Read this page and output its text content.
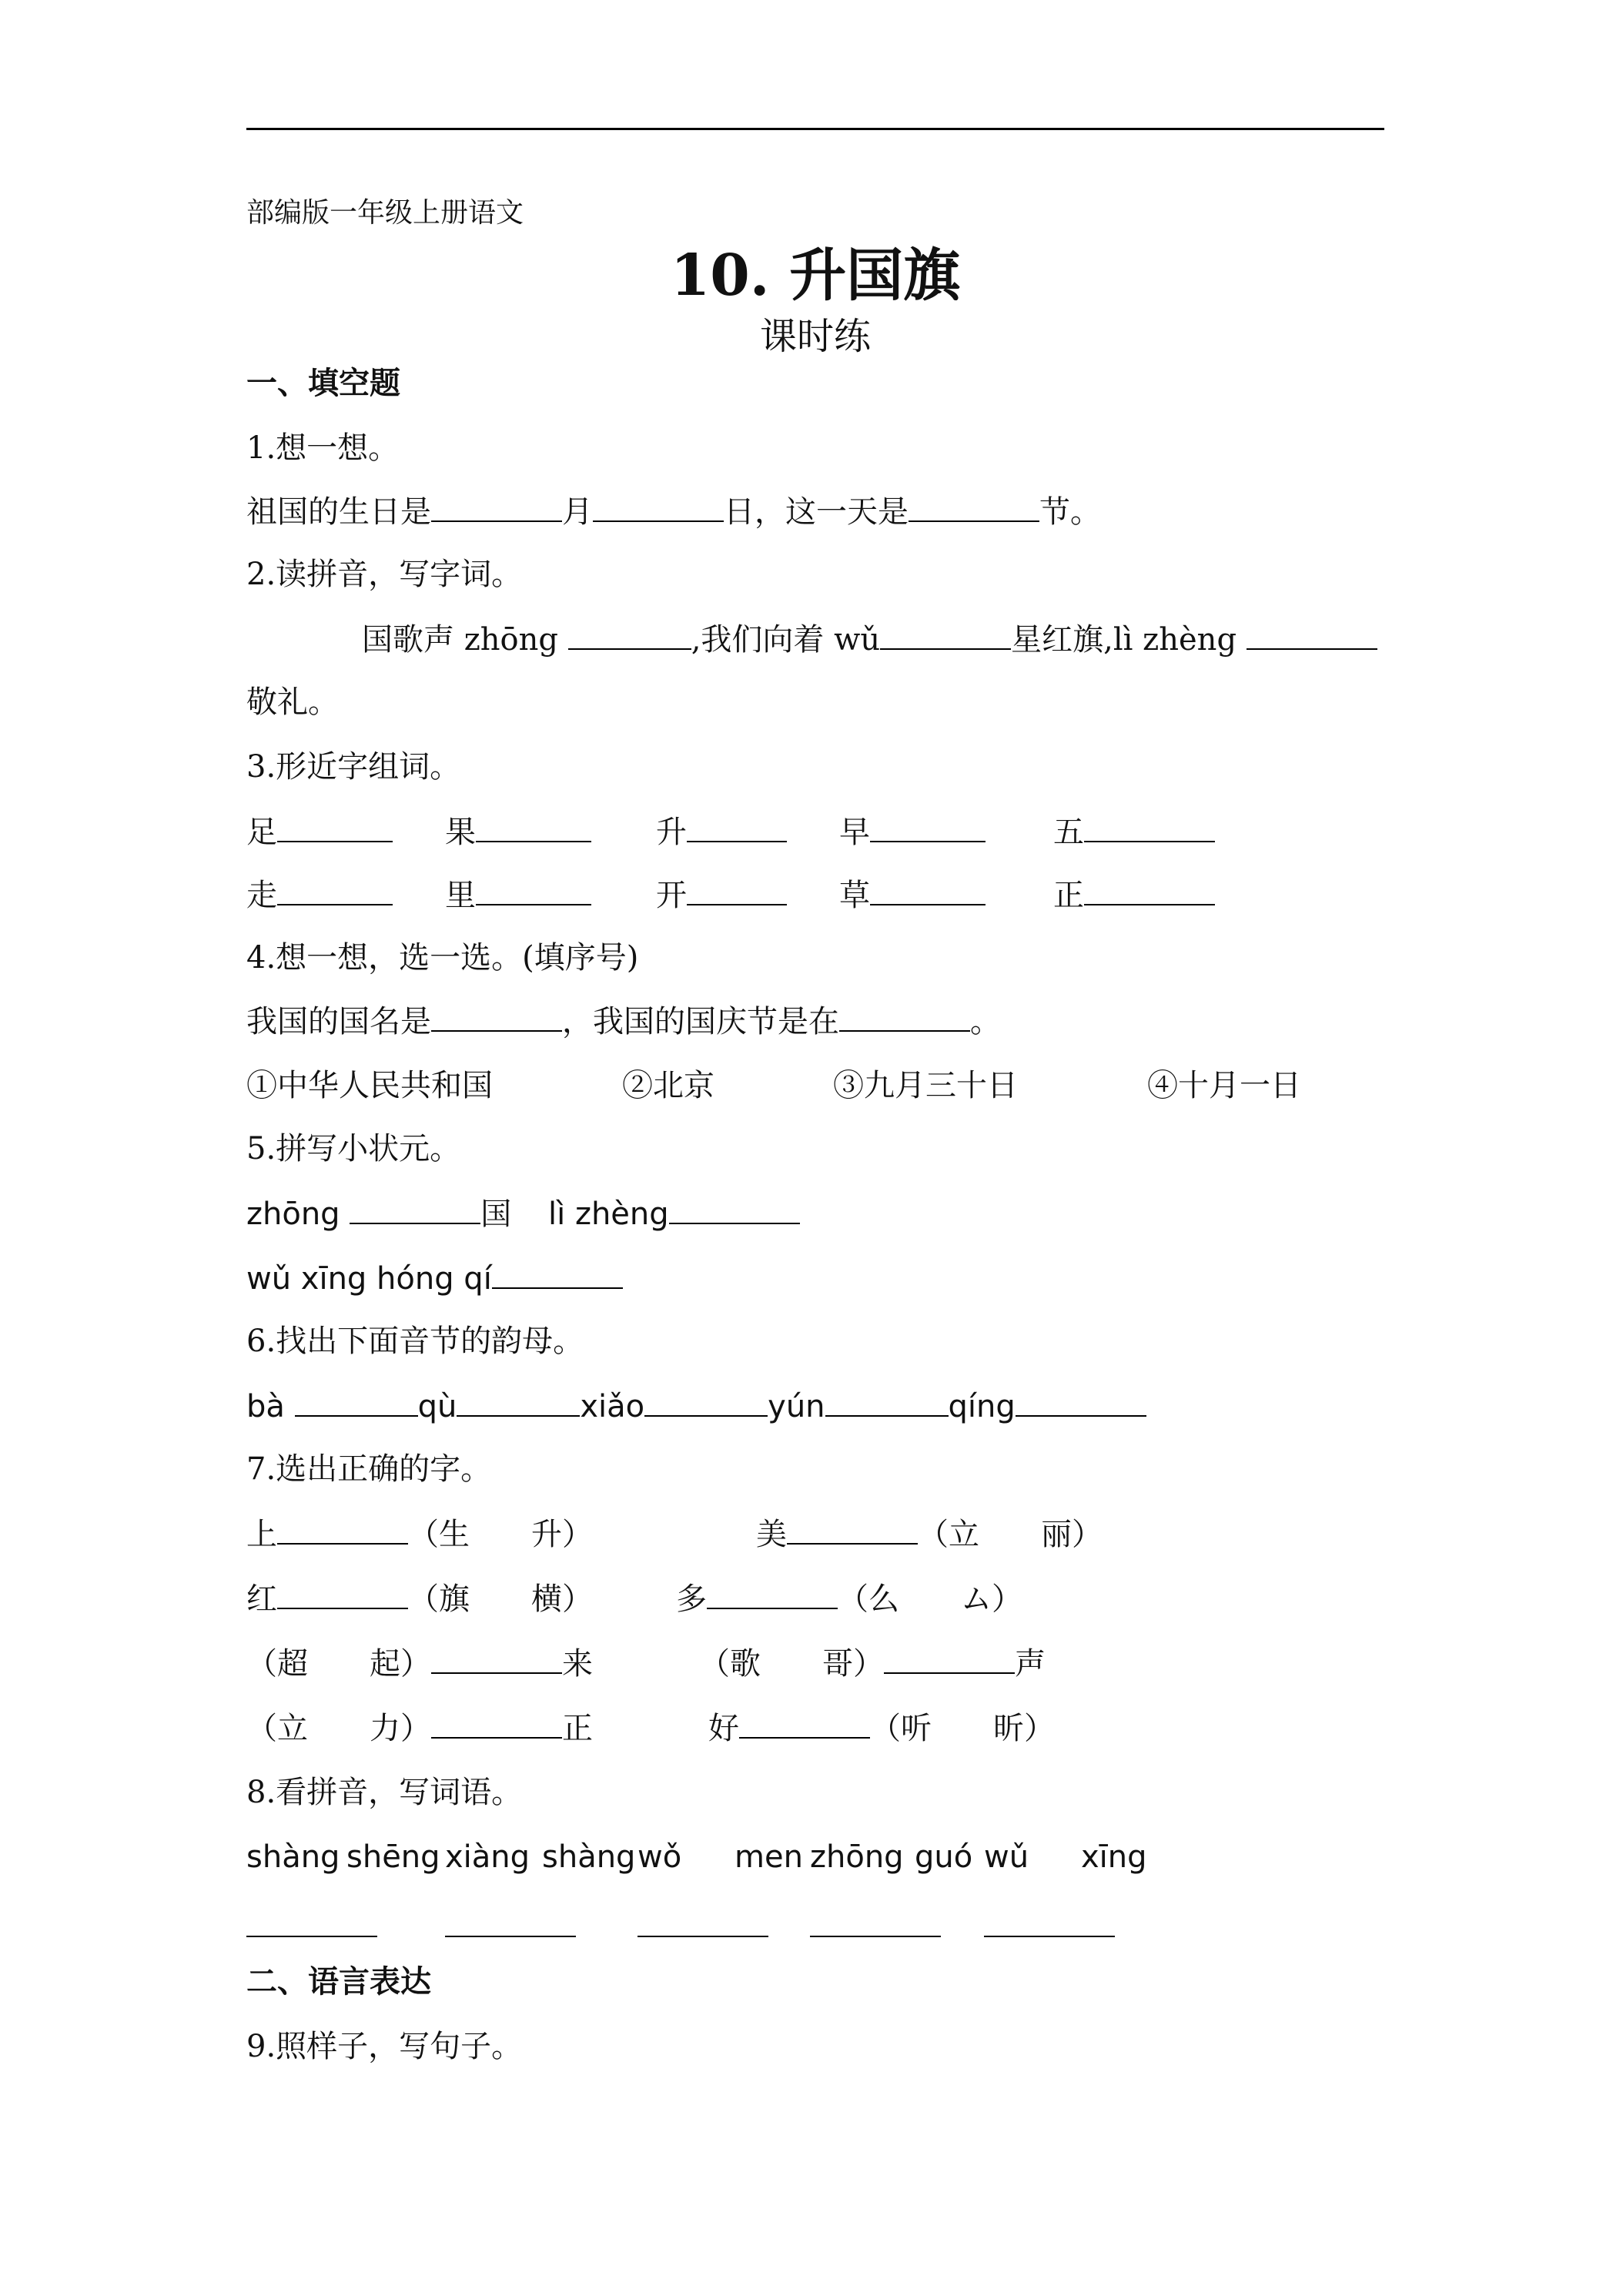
部编版一年级上册语文
10. 升国旗
课时练
一、填空题
1.想一想。
祖国的生日是	月	日，这一天是	节。
2.读拼音，写字词。
国歌声 zhōng	,我们向着 wǔ	星红旗,lì zhèng
敬礼。
3.形近字组词。
足	果	升	早	五
走	里	开	草	正
4.想一想，选一选。(填序号)
我国的国名是	，我国的国庆节是在	。
①中华人民共和国	②北京	③九月三十日	④十月一日
5.拼写小状元。
zhōng	国 lì zhèng
wǔ xīng hóng qí
6.找出下面音节的韵母。
bà	qù	xiǎo	yún	qíng
7.选出正确的字。
上	（生　　升）	美	（立　　丽）
红	（旗　　横）	多	（么　　ム）
（超　　起）	来	（歌　　哥）	声
（立　　力）	正	好	（听　　昕）
8.看拼音，写词语。
shàng shēng xiàng shàng wǒ men zhōng guó wǔ xīng
二、语言表达
9.照样子，写句子。
